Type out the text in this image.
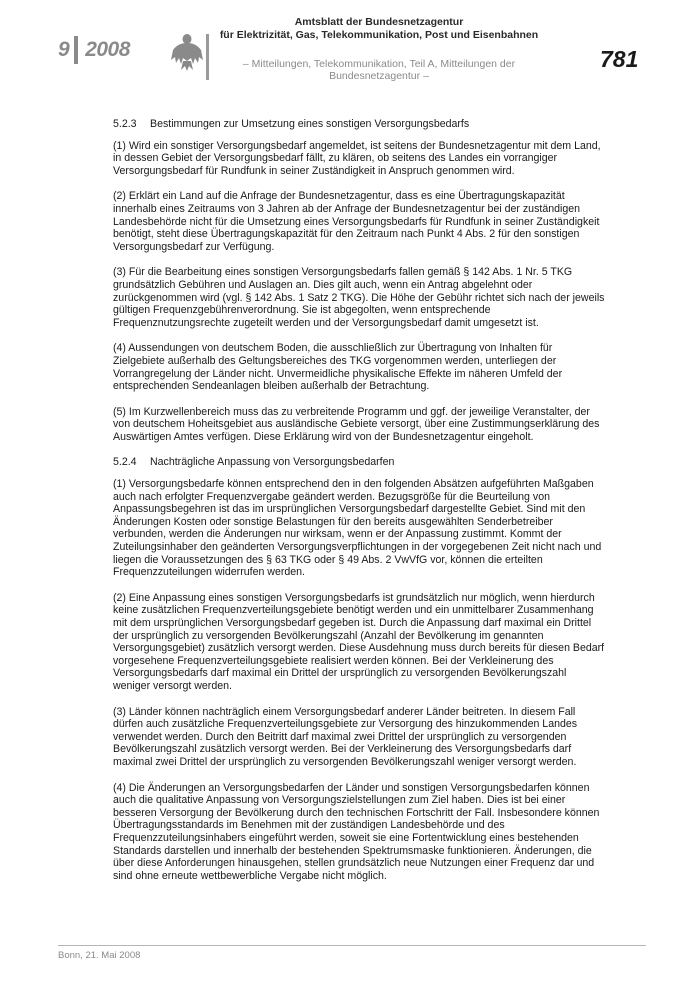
9 2008
Amtsblatt der Bundesnetzagentur
für Elektrizität, Gas, Telekommunikation, Post und Eisenbahnen
– Mitteilungen, Telekommunikation, Teil A, Mitteilungen der Bundesnetzagentur –
781
5.2.3 Bestimmungen zur Umsetzung eines sonstigen Versorgungsbedarfs

(1) Wird ein sonstiger Versorgungsbedarf angemeldet, ist seitens der Bundesnetzagentur mit dem Land, in dessen Gebiet der Versorgungsbedarf fällt, zu klären, ob seitens des Landes ein vorrangiger Versorgungsbedarf für Rundfunk in seiner Zuständigkeit in Anspruch genommen wird.

(2) Erklärt ein Land auf die Anfrage der Bundesnetzagentur, dass es eine Übertragungskapazität innerhalb eines Zeitraums von 3 Jahren ab der Anfrage der Bundesnetzagentur bei der zuständigen Landesbehörde nicht für die Umsetzung eines Versorgungsbedarfs für Rundfunk in seiner Zuständigkeit benötigt, steht diese Übertragungskapazität für den Zeitraum nach Punkt 4 Abs. 2 für den sonstigen Versorgungsbedarf zur Verfügung.

(3) Für die Bearbeitung eines sonstigen Versorgungsbedarfs fallen gemäß § 142 Abs. 1 Nr. 5 TKG grundsätzlich Gebühren und Auslagen an. Dies gilt auch, wenn ein Antrag abgelehnt oder zurückgenommen wird (vgl. § 142 Abs. 1 Satz 2 TKG). Die Höhe der Gebühr richtet sich nach der jeweils gültigen Frequenzgebührenverordnung. Sie ist abgegolten, wenn entsprechende Frequenznutzungsrechte zugeteilt werden und der Versorgungsbedarf damit umgesetzt ist.

(4) Aussendungen von deutschem Boden, die ausschließlich zur Übertragung von Inhalten für Zielgebiete außerhalb des Geltungsbereiches des TKG vorgenommen werden, unterliegen der Vorrangregelung der Länder nicht. Unvermeidliche physikalische Effekte im näheren Umfeld der entsprechenden Sendeanlagen bleiben außerhalb der Betrachtung.

(5) Im Kurzwellenbereich muss das zu verbreitende Programm und ggf. der jeweilige Veranstalter, der von deutschem Hoheitsgebiet aus ausländische Gebiete versorgt, über eine Zustimmungserklärung des Auswärtigen Amtes verfügen. Diese Erklärung wird von der Bundesnetzagentur eingeholt.

5.2.4 Nachträgliche Anpassung von Versorgungsbedarfen

(1) Versorgungsbedarfe können entsprechend den in den folgenden Absätzen aufgeführten Maßgaben auch nach erfolgter Frequenzvergabe geändert werden. Bezugsgröße für die Beurteilung von Anpassungsbegehren ist das im ursprünglichen Versorgungsbedarf dargestellte Gebiet. Sind mit den Änderungen Kosten oder sonstige Belastungen für den bereits ausgewählten Senderbetreiber verbunden, werden die Änderungen nur wirksam, wenn er der Anpassung zustimmt. Kommt der Zuteilungsinhaber den geänderten Versorgungsverpflichtungen in der vorgegebenen Zeit nicht nach und liegen die Voraussetzungen des § 63 TKG oder § 49 Abs. 2 VwVfG vor, können die erteilten Frequenzzuteilungen widerrufen werden.

(2) Eine Anpassung eines sonstigen Versorgungsbedarfs ist grundsätzlich nur möglich, wenn hierdurch keine zusätzlichen Frequenzverteilungsgebiete benötigt werden und ein unmittelbarer Zusammenhang mit dem ursprünglichen Versorgungsbedarf gegeben ist. Durch die Anpassung darf maximal ein Drittel der ursprünglich zu versorgenden Bevölkerungszahl (Anzahl der Bevölkerung im genannten Versorgungsgebiet) zusätzlich versorgt werden. Diese Ausdehnung muss durch bereits für diesen Bedarf vorgesehene Frequenzverteilungsgebiete realisiert werden können. Bei der Verkleinerung des Versorgungsbedarfs darf maximal ein Drittel der ursprünglich zu versorgenden Bevölkerungszahl weniger versorgt werden.

(3) Länder können nachträglich einem Versorgungsbedarf anderer Länder beitreten. In diesem Fall dürfen auch zusätzliche Frequenzverteilungsgebiete zur Versorgung des hinzukommenden Landes verwendet werden. Durch den Beitritt darf maximal zwei Drittel der ursprünglich zu versorgenden Bevölkerungszahl zusätzlich versorgt werden. Bei der Verkleinerung des Versorgungsbedarfs darf maximal zwei Drittel der ursprünglich zu versorgenden Bevölkerungszahl weniger versorgt werden.

(4) Die Änderungen an Versorgungsbedarfen der Länder und sonstigen Versorgungsbedarfen können auch die qualitative Anpassung von Versorgungszielstellungen zum Ziel haben. Dies ist bei einer besseren Versorgung der Bevölkerung durch den technischen Fortschritt der Fall. Insbesondere können Übertragungsstandards im Benehmen mit der zuständigen Landesbehörde und des Frequenzzuteilungsinhabers eingeführt werden, soweit sie eine Fortentwicklung eines bestehenden Standards darstellen und innerhalb der bestehenden Spektrumsmaske funktionieren. Änderungen, die über diese Anforderungen hinausgehen, stellen grundsätzlich neue Nutzungen einer Frequenz dar und sind ohne erneute wettbewerbliche Vergabe nicht möglich.

Bonn, 21. Mai 2008
